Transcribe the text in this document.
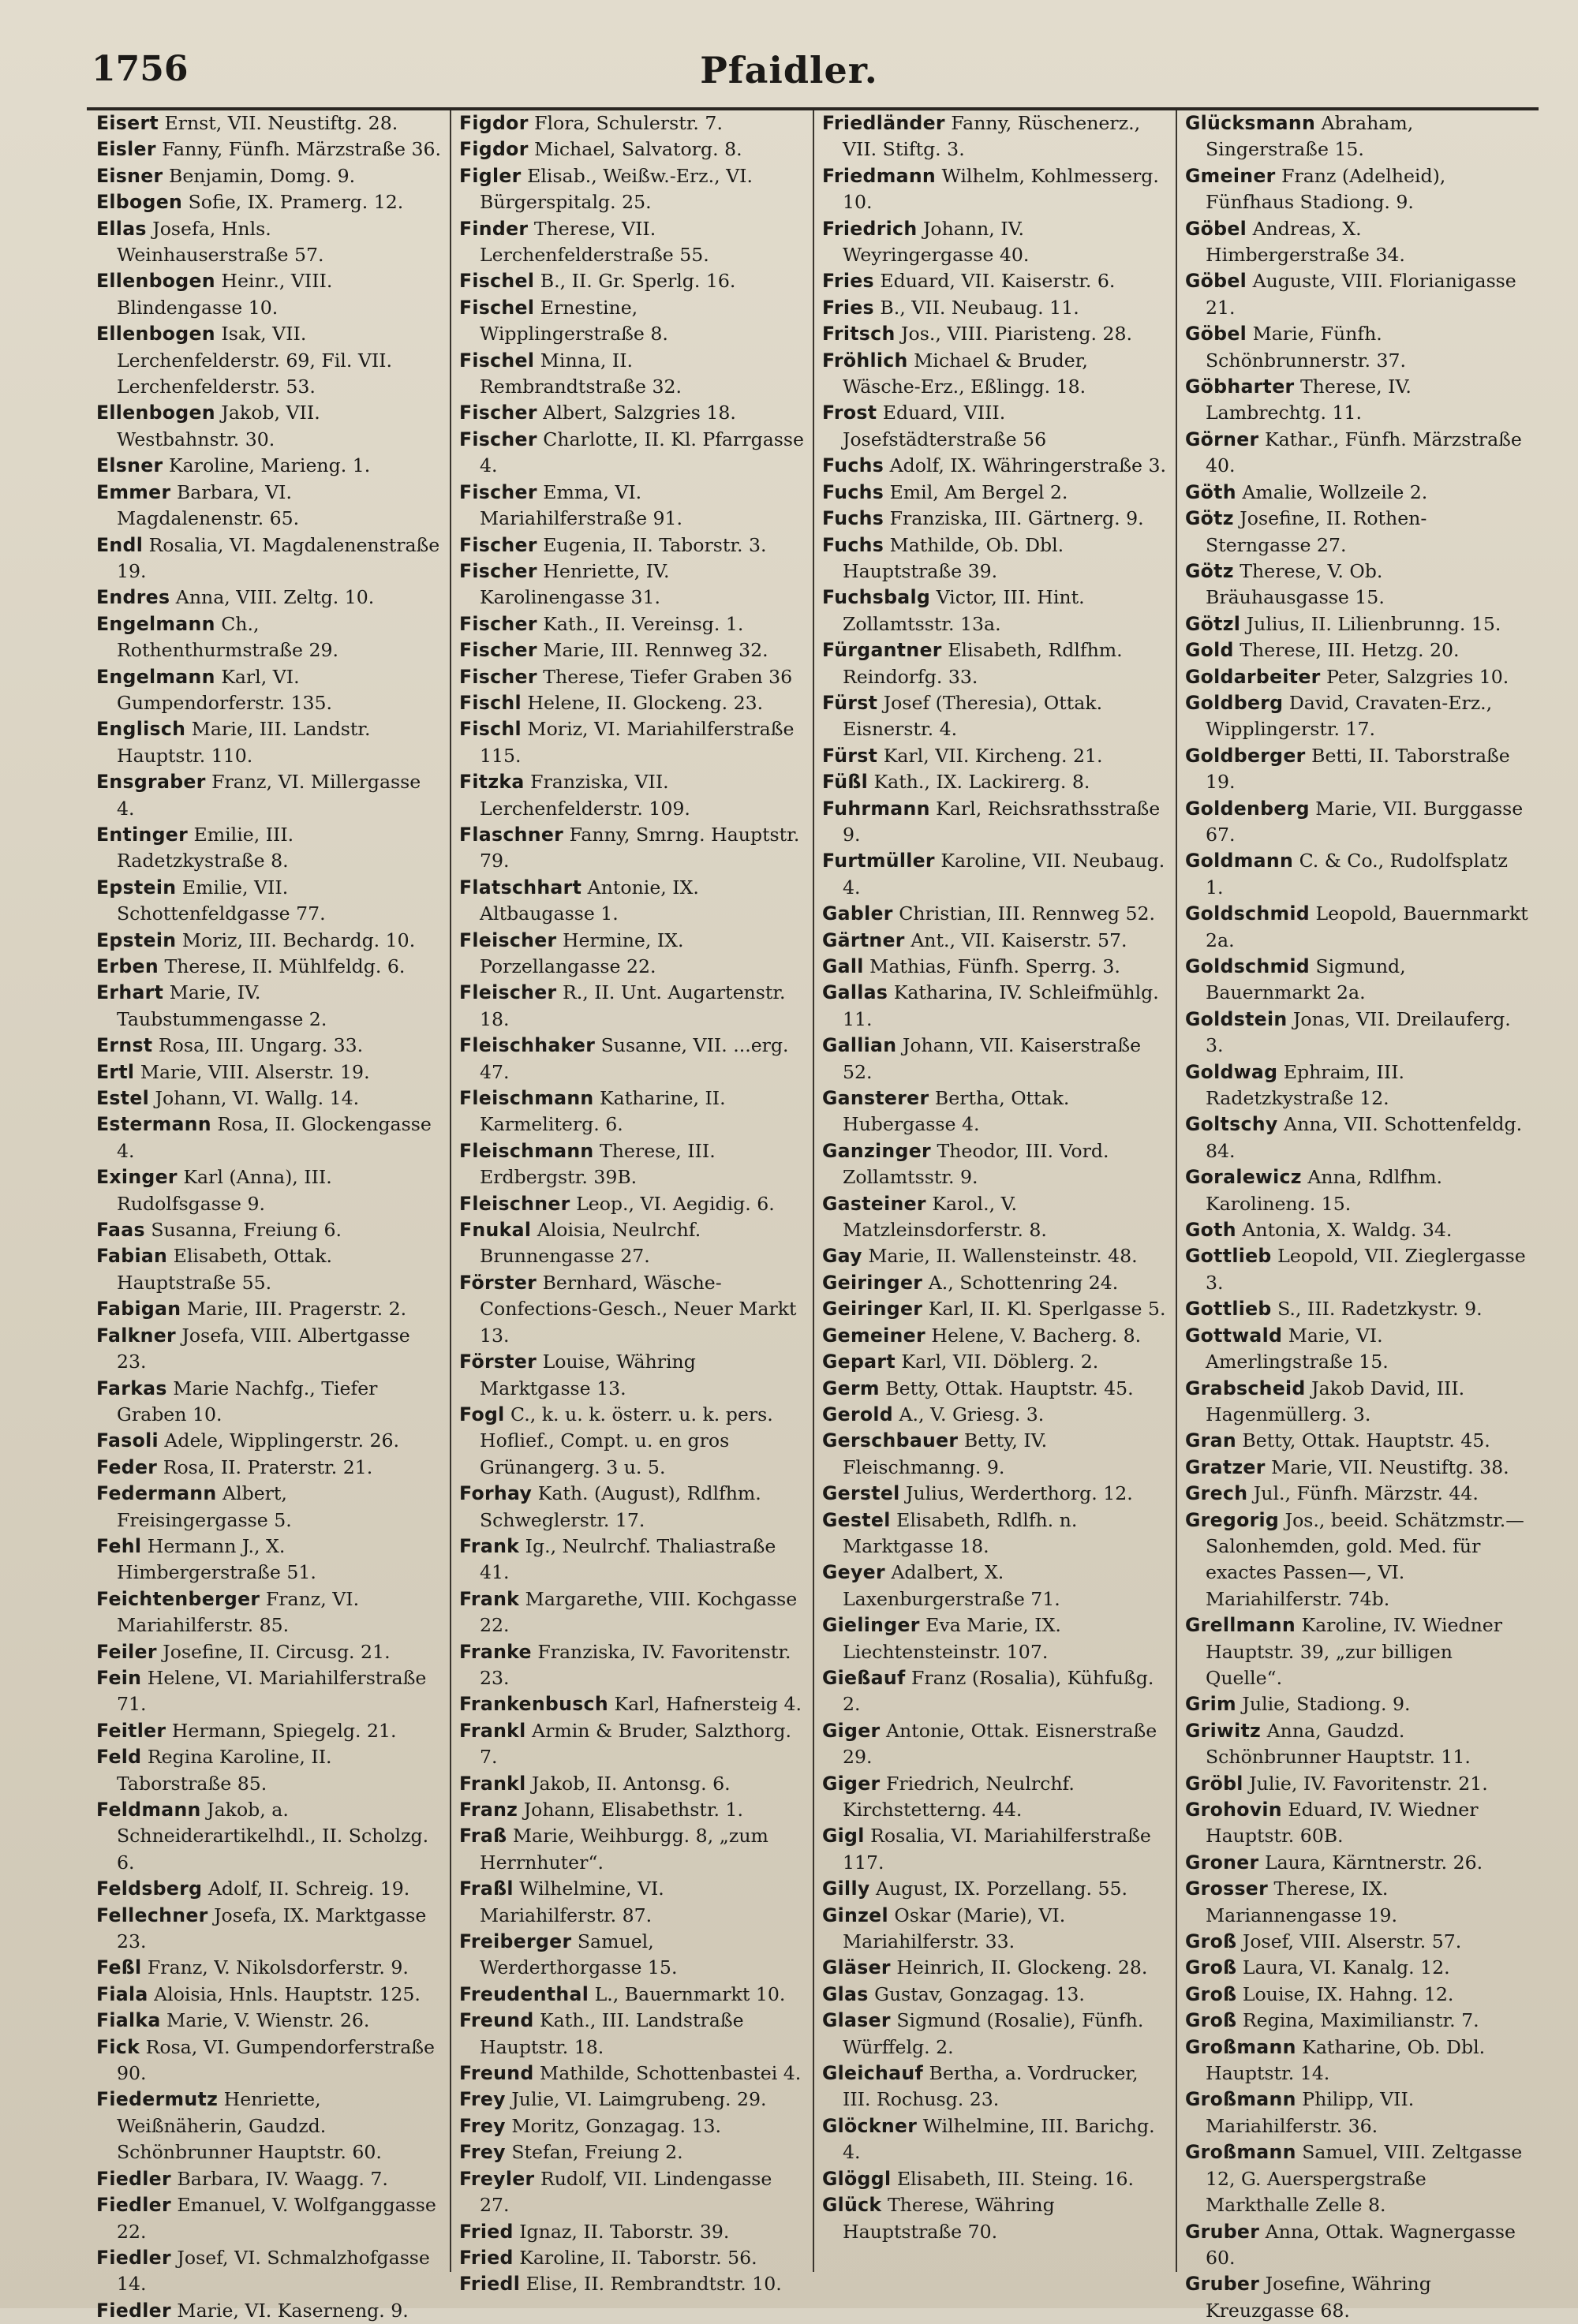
1756	Pfaidler.

Eisert Ernst, VII. Neustiftg. 28.

Eisler Fanny, Fünfh. Märzstraße 36.

Eisner Benjamin, Domg. 9.

Elbogen Sofie, IX. Pramerg. 12.

Ellas Josefa, Hnls. Weinhauserstraße 57.

Ellenbogen Heinr., VIII. Blindengasse 10.

Ellenbogen Isak, VII. Lerchenfelderstr. 69, Fil. VII. Lerchenfelderstr. 53.

Ellenbogen Jakob, VII. Westbahnstr. 30.

Elsner Karoline, Marieng. 1.

Emmer Barbara, VI. Magdalenenstr. 65.

Endl Rosalia, VI. Magdalenenstraße 19.

Endres Anna, VIII. Zeltg. 10.

Engelmann Ch., Rothenthurmstraße 29.

Engelmann Karl, VI. Gumpendorferstr. 135.

Englisch Marie, III. Landstr. Hauptstr. 110.

Ensgraber Franz, VI. Millergasse 4.

Entinger Emilie, III. Radetzkystraße 8.

Epstein Emilie, VII. Schottenfeldgasse 77.

Epstein Moriz, III. Bechardg. 10.

Erben Therese, II. Mühlfeldg. 6.

Erhart Marie, IV. Taubstummengasse 2.

Ernst Rosa, III. Ungarg. 33.

Ertl Marie, VIII. Alserstr. 19.

Estel Johann, VI. Wallg. 14.

Estermann Rosa, II. Glockengasse 4.

Exinger Karl (Anna), III. Rudolfsgasse 9.

Faas Susanna, Freiung 6.

Fabian Elisabeth, Ottak. Hauptstraße 55.

Fabigan Marie, III. Pragerstr. 2.

Falkner Josefa, VIII. Albertgasse 23.

Farkas Marie Nachfg., Tiefer Graben 10.

Fasoli Adele, Wipplingerstr. 26.

Feder Rosa, II. Praterstr. 21.

Federmann Albert, Freisingergasse 5.

Fehl Hermann J., X. Himbergerstraße 51.

Feichtenberger Franz, VI. Mariahilferstr. 85.

Feiler Josefine, II. Circusg. 21.

Fein Helene, VI. Mariahilferstraße 71.

Feitler Hermann, Spiegelg. 21.

Feld Regina Karoline, II. Taborstraße 85.

Feldmann Jakob, a. Schneiderartikelhdl., II. Scholzg. 6.

Feldsberg Adolf, II. Schreig. 19.

Fellechner Josefa, IX. Marktgasse 23.

Feßl Franz, V. Nikolsdorferstr. 9.

Fiala Aloisia, Hnls. Hauptstr. 125.

Fialka Marie, V. Wienstr. 26.

Fick Rosa, VI. Gumpendorferstraße 90.

Fiedermutz Henriette, Weißnäherin, Gaudzd. Schönbrunner Hauptstr. 60.

Fiedler Barbara, IV. Waagg. 7.

Fiedler Emanuel, V. Wolfganggasse 22.

Fiedler Josef, VI. Schmalzhofgasse 14.

Fiedler Marie, VI. Kaserneng. 9.

Figdor Flora, Schulerstr. 7.

Figdor Michael, Salvatorg. 8.

Figler Elisab., Weißw.-Erz., VI. Bürgerspitalg. 25.

Finder Therese, VII. Lerchenfelderstraße 55.

Fischel B., II. Gr. Sperlg. 16.

Fischel Ernestine, Wipplingerstraße 8.

Fischel Minna, II. Rembrandtstraße 32.

Fischer Albert, Salzgries 18.

Fischer Charlotte, II. Kl. Pfarrgasse 4.

Fischer Emma, VI. Mariahilferstraße 91.

Fischer Eugenia, II. Taborstr. 3.

Fischer Henriette, IV. Karolinengasse 31.

Fischer Kath., II. Vereinsg. 1.

Fischer Marie, III. Rennweg 32.

Fischer Therese, Tiefer Graben 36

Fischl Helene, II. Glockeng. 23.

Fischl Moriz, VI. Mariahilferstraße 115.

Fitzka Franziska, VII. Lerchenfelderstr. 109.

Flaschner Fanny, Smrng. Hauptstr. 79.

Flatschhart Antonie, IX. Altbaugasse 1.

Fleischer Hermine, IX. Porzellangasse 22.

Fleischer R., II. Unt. Augartenstr. 18.

Fleischhaker Susanne, VII. ...erg. 47.

Fleischmann Katharine, II. Karmeliterg. 6.

Fleischmann Therese, III. Erdbergstr. 39B.

Fleischner Leop., VI. Aegidig. 6.

Fnukal Aloisia, Neulrchf. Brunnengasse 27.

Förster Bernhard, Wäsche-Confections-Gesch., Neuer Markt 13.

Förster Louise, Währing Marktgasse 13.

Fogl C., k. u. k. österr. u. k. pers. Hoflief., Compt. u. en gros Grünangerg. 3 u. 5.

Forhay Kath. (August), Rdlfhm. Schweglerstr. 17.

Frank Ig., Neulrchf. Thaliastraße 41.

Frank Margarethe, VIII. Kochgasse 22.

Franke Franziska, IV. Favoritenstr. 23.

Frankenbusch Karl, Hafnersteig 4.

Frankl Armin & Bruder, Salzthorg. 7.

Frankl Jakob, II. Antonsg. 6.

Franz Johann, Elisabethstr. 1.

Fraß Marie, Weihburgg. 8, „zum Herrnhuter“.

Fraßl Wilhelmine, VI. Mariahilferstr. 87.

Freiberger Samuel, Werderthorgasse 15.

Freudenthal L., Bauernmarkt 10.

Freund Kath., III. Landstraße Hauptstr. 18.

Freund Mathilde, Schottenbastei 4.

Frey Julie, VI. Laimgrubeng. 29.

Frey Moritz, Gonzagag. 13.

Frey Stefan, Freiung 2.

Freyler Rudolf, VII. Lindengasse 27.

Fried Ignaz, II. Taborstr. 39.

Fried Karoline, II. Taborstr. 56.

Friedl Elise, II. Rembrandtstr. 10.

Friedländer Fanny, Rüschenerz., VII. Stiftg. 3.

Friedmann Wilhelm, Kohlmesserg. 10.

Friedrich Johann, IV. Weyringergasse 40.

Fries Eduard, VII. Kaiserstr. 6.

Fries B., VII. Neubaug. 11.

Fritsch Jos., VIII. Piaristeng. 28.

Fröhlich Michael & Bruder, Wäsche-Erz., Eßlingg. 18.

Frost Eduard, VIII. Josefstädterstraße 56

Fuchs Adolf, IX. Währingerstraße 3.

Fuchs Emil, Am Bergel 2.

Fuchs Franziska, III. Gärtnerg. 9.

Fuchs Mathilde, Ob. Dbl. Hauptstraße 39.

Fuchsbalg Victor, III. Hint. Zollamtsstr. 13a.

Fürgantner Elisabeth, Rdlfhm. Reindorfg. 33.

Fürst Josef (Theresia), Ottak. Eisnerstr. 4.

Fürst Karl, VII. Kircheng. 21.

Füßl Kath., IX. Lackirerg. 8.

Fuhrmann Karl, Reichsrathsstraße 9.

Furtmüller Karoline, VII. Neubaug. 4.

Gabler Christian, III. Rennweg 52.

Gärtner Ant., VII. Kaiserstr. 57.

Gall Mathias, Fünfh. Sperrg. 3.

Gallas Katharina, IV. Schleifmühlg. 11.

Gallian Johann, VII. Kaiserstraße 52.

Gansterer Bertha, Ottak. Hubergasse 4.

Ganzinger Theodor, III. Vord. Zollamtsstr. 9.

Gasteiner Karol., V. Matzleinsdorferstr. 8.

Gay Marie, II. Wallensteinstr. 48.

Geiringer A., Schottenring 24.

Geiringer Karl, II. Kl. Sperlgasse 5.

Gemeiner Helene, V. Bacherg. 8.

Gepart Karl, VII. Döblerg. 2.

Germ Betty, Ottak. Hauptstr. 45.

Gerold A., V. Griesg. 3.

Gerschbauer Betty, IV. Fleischmanng. 9.

Gerstel Julius, Werderthorg. 12.

Gestel Elisabeth, Rdlfh. n. Marktgasse 18.

Geyer Adalbert, X. Laxenburgerstraße 71.

Gielinger Eva Marie, IX. Liechtensteinstr. 107.

Gießauf Franz (Rosalia), Kühfußg. 2.

Giger Antonie, Ottak. Eisnerstraße 29.

Giger Friedrich, Neulrchf. Kirchstetterng. 44.

Gigl Rosalia, VI. Mariahilferstraße 117.

Gilly August, IX. Porzellang. 55.

Ginzel Oskar (Marie), VI. Mariahilferstr. 33.

Gläser Heinrich, II. Glockeng. 28.

Glas Gustav, Gonzagag. 13.

Glaser Sigmund (Rosalie), Fünfh. Würffelg. 2.

Gleichauf Bertha, a. Vordrucker, III. Rochusg. 23.

Glöckner Wilhelmine, III. Barichg. 4.

Glöggl Elisabeth, III. Steing. 16.

Glück Therese, Währing Hauptstraße 70.

Glücksmann Abraham, Singerstraße 15.

Gmeiner Franz (Adelheid), Fünfhaus Stadiong. 9.

Göbel Andreas, X. Himbergerstraße 34.

Göbel Auguste, VIII. Florianigasse 21.

Göbel Marie, Fünfh. Schönbrunnerstr. 37.

Göbharter Therese, IV. Lambrechtg. 11.

Görner Kathar., Fünfh. Märzstraße 40.

Göth Amalie, Wollzeile 2.

Götz Josefine, II. Rothen-Sterngasse 27.

Götz Therese, V. Ob. Bräuhausgasse 15.

Götzl Julius, II. Lilienbrunng. 15.

Gold Therese, III. Hetzg. 20.

Goldarbeiter Peter, Salzgries 10.

Goldberg David, Cravaten-Erz., Wipplingerstr. 17.

Goldberger Betti, II. Taborstraße 19.

Goldenberg Marie, VII. Burggasse 67.

Goldmann C. & Co., Rudolfsplatz 1.

Goldschmid Leopold, Bauernmarkt 2a.

Goldschmid Sigmund, Bauernmarkt 2a.

Goldstein Jonas, VII. Dreilauferg. 3.

Goldwag Ephraim, III. Radetzkystraße 12.

Goltschy Anna, VII. Schottenfeldg. 84.

Goralewicz Anna, Rdlfhm. Karolineng. 15.

Goth Antonia, X. Waldg. 34.

Gottlieb Leopold, VII. Zieglergasse 3.

Gottlieb S., III. Radetzkystr. 9.

Gottwald Marie, VI. Amerlingstraße 15.

Grabscheid Jakob David, III. Hagenmüllerg. 3.

Gran Betty, Ottak. Hauptstr. 45.

Gratzer Marie, VII. Neustiftg. 38.

Grech Jul., Fünfh. Märzstr. 44.

Gregorig Jos., beeid. Schätzmstr.—Salonhemden, gold. Med. für exactes Passen—, VI. Mariahilferstr. 74b.

Grellmann Karoline, IV. Wiedner Hauptstr. 39, „zur billigen Quelle“.

Grim Julie, Stadiong. 9.

Griwitz Anna, Gaudzd. Schönbrunner Hauptstr. 11.

Gröbl Julie, IV. Favoritenstr. 21.

Grohovin Eduard, IV. Wiedner Hauptstr. 60B.

Groner Laura, Kärntnerstr. 26.

Grosser Therese, IX. Mariannengasse 19.

Groß Josef, VIII. Alserstr. 57.

Groß Laura, VI. Kanalg. 12.

Groß Louise, IX. Hahng. 12.

Groß Regina, Maximilianstr. 7.

Großmann Katharine, Ob. Dbl. Hauptstr. 14.

Großmann Philipp, VII. Mariahilferstr. 36.

Großmann Samuel, VIII. Zeltgasse 12, G. Auerspergstraße Markthalle Zelle 8.

Gruber Anna, Ottak. Wagnergasse 60.

Gruber Josefine, Währing Kreuzgasse 68.
